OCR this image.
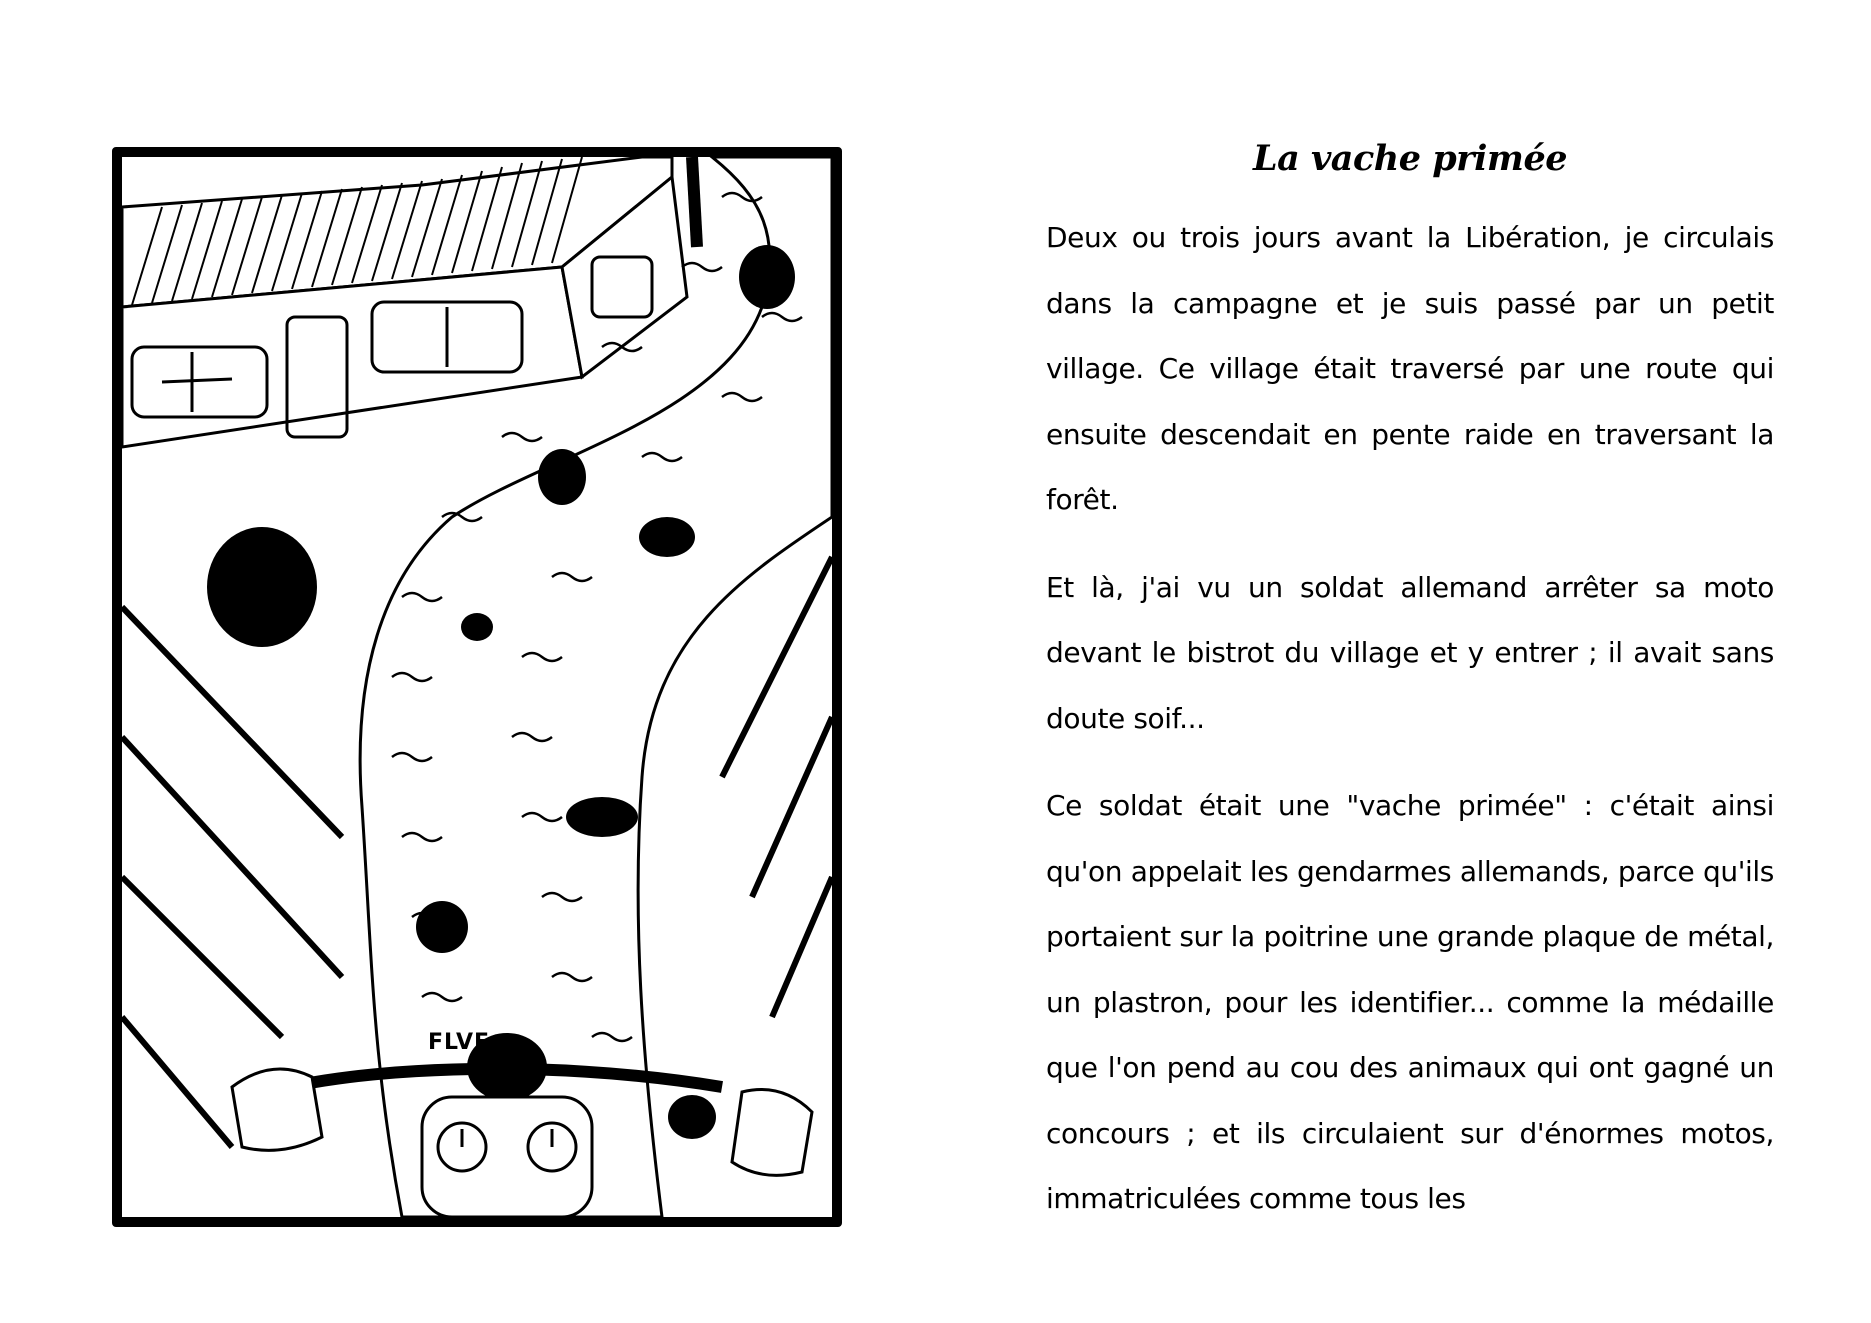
FLVE
La vache primée

Deux ou trois jours avant la Libération, je circulais dans la campagne et je suis passé par un petit village. Ce village était traversé par une route qui ensuite descendait en pente raide en traversant la forêt.

Et là, j'ai vu un soldat allemand arrêter sa moto devant le bistrot du village et y entrer ; il avait sans doute soif...

Ce soldat était une "vache primée" : c'était ainsi qu'on appelait les gendarmes allemands, parce qu'ils portaient sur la poitrine une grande plaque de métal, un plastron, pour les identifier... comme la médaille que l'on pend au cou des animaux qui ont gagné un concours ; et ils circulaient sur d'énormes motos, immatriculées comme tous les
